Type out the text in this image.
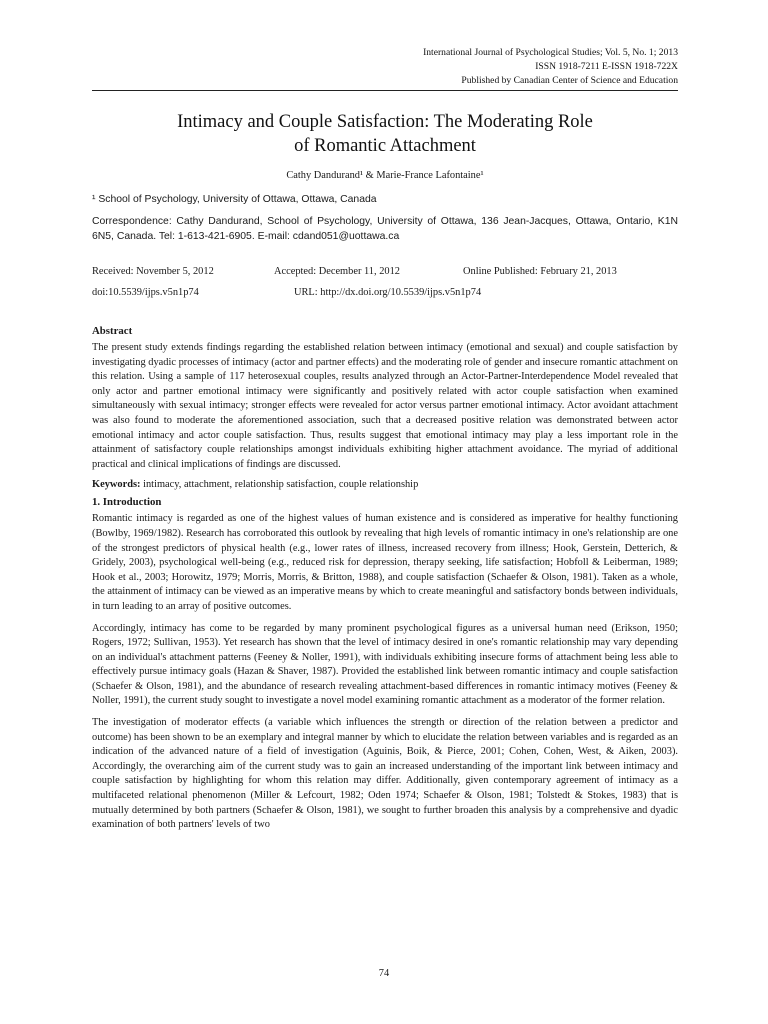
International Journal of Psychological Studies; Vol. 5, No. 1; 2013
ISSN 1918-7211 E-ISSN 1918-722X
Published by Canadian Center of Science and Education
Intimacy and Couple Satisfaction: The Moderating Role
of Romantic Attachment
Cathy Dandurand¹ & Marie-France Lafontaine¹
¹ School of Psychology, University of Ottawa, Ottawa, Canada
Correspondence: Cathy Dandurand, School of Psychology, University of Ottawa, 136 Jean-Jacques, Ottawa, Ontario, K1N 6N5, Canada. Tel: 1-613-421-6905. E-mail: cdand051@uottawa.ca
Received: November 5, 2012	Accepted: December 11, 2012	Online Published: February 21, 2013
doi:10.5539/ijps.v5n1p74	URL: http://dx.doi.org/10.5539/ijps.v5n1p74
Abstract
The present study extends findings regarding the established relation between intimacy (emotional and sexual) and couple satisfaction by investigating dyadic processes of intimacy (actor and partner effects) and the moderating role of gender and insecure romantic attachment on this relation. Using a sample of 117 heterosexual couples, results analyzed through an Actor-Partner-Interdependence Model revealed that only actor and partner emotional intimacy were significantly and positively related with actor couple satisfaction when examined simultaneously with sexual intimacy; stronger effects were revealed for actor versus partner emotional intimacy. Actor avoidant attachment was also found to moderate the aforementioned association, such that a decreased positive relation was demonstrated between actor emotional intimacy and actor couple satisfaction. Thus, results suggest that emotional intimacy may play a less important role in the attainment of satisfactory couple relationships amongst individuals exhibiting higher attachment avoidance. The myriad of additional practical and clinical implications of findings are discussed.
Keywords: intimacy, attachment, relationship satisfaction, couple relationship
1. Introduction
Romantic intimacy is regarded as one of the highest values of human existence and is considered as imperative for healthy functioning (Bowlby, 1969/1982). Research has corroborated this outlook by revealing that high levels of romantic intimacy in one's relationship are one of the strongest predictors of physical health (e.g., lower rates of illness, increased recovery from illness; Hook, Gerstein, Detterich, & Gridely, 2003), psychological well-being (e.g., reduced risk for depression, therapy seeking, life satisfaction; Hobfoll & Leiberman, 1989; Hook et al., 2003; Horowitz, 1979; Morris, Morris, & Britton, 1988), and couple satisfaction (Schaefer & Olson, 1981). Taken as a whole, the attainment of intimacy can be viewed as an imperative means by which to create meaningful and satisfactory bonds between individuals, in turn leading to an array of positive outcomes.
Accordingly, intimacy has come to be regarded by many prominent psychological figures as a universal human need (Erikson, 1950; Rogers, 1972; Sullivan, 1953). Yet research has shown that the level of intimacy desired in one's romantic relationship may vary depending on an individual's attachment patterns (Feeney & Noller, 1991), with individuals exhibiting insecure forms of attachment being less able to effectively pursue intimacy goals (Hazan & Shaver, 1987). Provided the established link between romantic intimacy and couple satisfaction (Schaefer & Olson, 1981), and the abundance of research revealing attachment-based differences in romantic intimacy motives (Feeney & Noller, 1991), the current study sought to investigate a novel model examining romantic attachment as a moderator of the former relation.
The investigation of moderator effects (a variable which influences the strength or direction of the relation between a predictor and outcome) has been shown to be an exemplary and integral manner by which to elucidate the relation between variables and is regarded as an indication of the advanced nature of a field of investigation (Aguinis, Boik, & Pierce, 2001; Cohen, Cohen, West, & Aiken, 2003). Accordingly, the overarching aim of the current study was to gain an increased understanding of the important link between intimacy and couple satisfaction by highlighting for whom this relation may differ. Additionally, given contemporary agreement of intimacy as a multifaceted relational phenomenon (Miller & Lefcourt, 1982; Oden 1974; Schaefer & Olson, 1981; Tolstedt & Stokes, 1983) that is mutually determined by both partners (Schaefer & Olson, 1981), we sought to further broaden this analysis by a comprehensive and dyadic examination of both partners' levels of two
74
